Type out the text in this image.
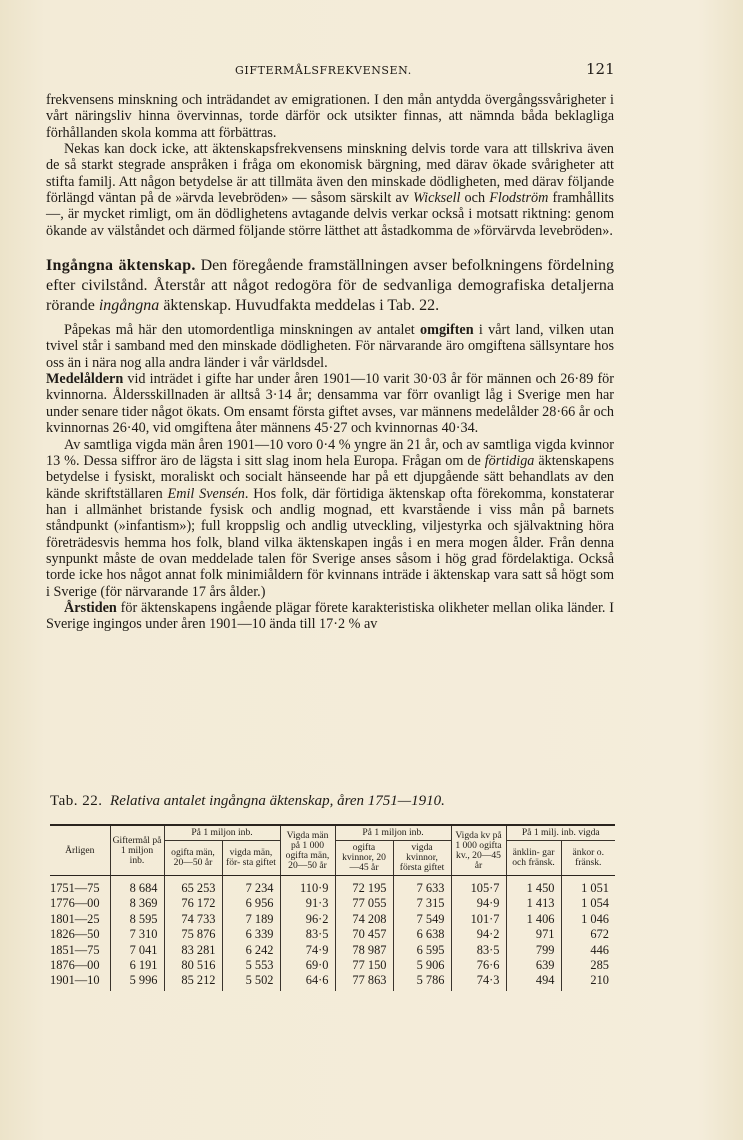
GIFTERMÅLSFREKVENSEN.	121

frekvensens minskning och inträdandet av emigrationen. I den mån antydda övergångssvårigheter i vårt näringsliv hinna övervinnas, torde därför ock utsikter finnas, att nämnda båda beklagliga förhållanden skola komma att förbättras.

Nekas kan dock icke, att äktenskapsfrekvensens minskning delvis torde vara att tillskriva även de så starkt stegrade anspråken i fråga om ekonomisk bärgning, med därav ökade svårigheter att stifta familj. Att någon betydelse är att tillmäta även den minskade dödligheten, med därav följande förlängd väntan på de »ärvda levebröden» — såsom särskilt av Wicksell och Flodström framhållits —, är mycket rimligt, om än dödlighetens avtagande delvis verkar också i motsatt riktning: genom ökande av välståndet och därmed följande större lätthet att åstadkomma de »förvärvda levebröden».

Ingångna äktenskap. Den föregående framställningen avser befolkningens fördelning efter civilstånd. Återstår att något redogöra för de sedvanliga demografiska detaljerna rörande ingångna äktenskap. Huvudfakta meddelas i Tab. 22.

Påpekas må här den utomordentliga minskningen av antalet omgiften i vårt land, vilken utan tvivel står i samband med den minskade dödligheten. För närvarande äro omgiftena sällsyntare hos oss än i nära nog alla andra länder i vår världsdel.

Medelåldern vid inträdet i gifte har under åren 1901—10 varit 30·03 år för männen och 26·89 för kvinnorna. Åldersskillnaden är alltså 3·14 år; densamma var förr ovanligt låg i Sverige men har under senare tider något ökats. Om ensamt första giftet avses, var männens medelålder 28·66 år och kvinnornas 26·40, vid omgiftena åter männens 45·27 och kvinnornas 40·34.

Av samtliga vigda män åren 1901—10 voro 0·4 % yngre än 21 år, och av samtliga vigda kvinnor 13 %. Dessa siffror äro de lägsta i sitt slag inom hela Europa. Frågan om de förtidiga äktenskapens betydelse i fysiskt, moraliskt och socialt hänseende har på ett djupgående sätt behandlats av den kände skriftställaren Emil Svensén. Hos folk, där förtidiga äktenskap ofta förekomma, konstaterar han i allmänhet bristande fysisk och andlig mognad, ett kvarstående i viss mån på barnets ståndpunkt (»infantism»); full kroppslig och andlig utveckling, viljestyrka och självaktning höra företrädesvis hemma hos folk, bland vilka äktenskapen ingås i en mera mogen ålder. Från denna synpunkt måste de ovan meddelade talen för Sverige anses såsom i hög grad fördelaktiga. Också torde icke hos något annat folk minimiåldern för kvinnans inträde i äktenskap vara satt så högt som i Sverige (för närvarande 17 års ålder.)

Årstiden för äktenskapens ingående plägar förete karakteristiska olikheter mellan olika länder. I Sverige ingingos under åren 1901—10 ända till 17·2 % av

Tab. 22. Relativa antalet ingångna äktenskap, åren 1751—1910.
Årligen	Giftermål på 1 miljon inb.	På 1 miljon inb.		Vigda män på 1 000 ogifta män, 20—50 år	På 1 miljon inb.		Vigda kv på 1 000 ogifta kv., 20—45 år	På 1 milj. inb. vigda	
		ogifta män, 20—50 år	vigda män, för- sta giftet		ogifta kvinnor, 20—45 år	vigda kvinnor, första giftet		änklin- gar och fränsk.	änkor o. fränsk.
1751—75	8 684	65 253	7 234	110·9	72 195	7 633	105·7	1 450	1 051
1776—00	8 369	76 172	6 956	91·3	77 055	7 315	94·9	1 413	1 054
1801—25	8 595	74 733	7 189	96·2	74 208	7 549	101·7	1 406	1 046
1826—50	7 310	75 876	6 339	83·5	70 457	6 638	94·2	971	672
1851—75	7 041	83 281	6 242	74·9	78 987	6 595	83·5	799	446
1876—00	6 191	80 516	5 553	69·0	77 150	5 906	76·6	639	285
1901—10	5 996	85 212	5 502	64·6	77 863	5 786	74·3	494	210
